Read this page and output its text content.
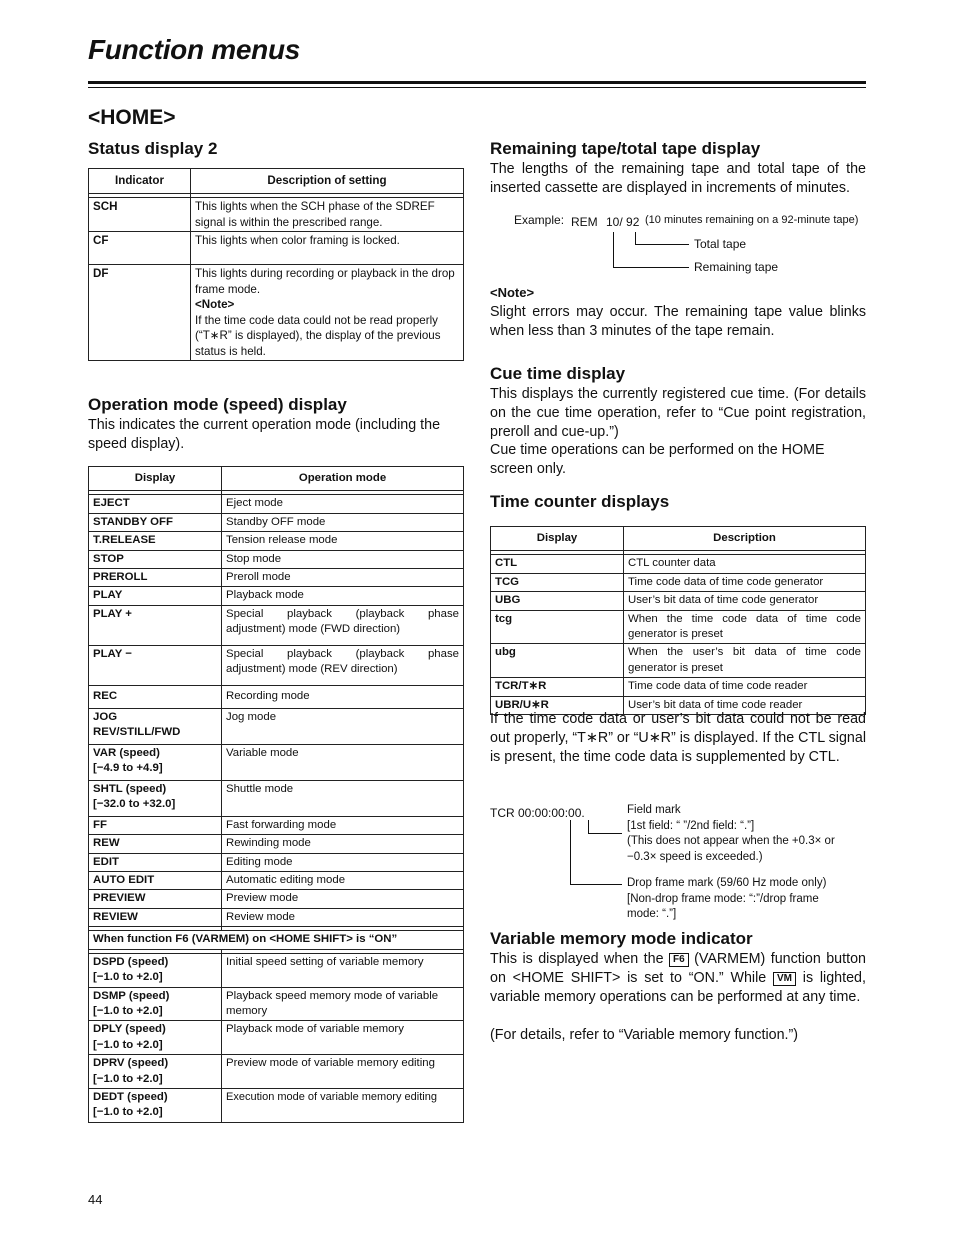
Function menus
<HOME>
Status display 2
Indicator	Description of setting

SCH	This lights when the SCH phase of the SDREF signal is within the prescribed range.
CF	This lights when color framing is locked.
DF	This lights during recording or playback in the drop frame mode.
<Note>
If the time code data could not be read properly (“T∗R” is displayed), the display of the previous status is held.
Operation mode (speed) display
This indicates the current operation mode (including the speed display).
Display	Operation mode

EJECT	Eject mode
STANDBY OFF	Standby OFF mode
T.RELEASE	Tension release mode
STOP	Stop mode
PREROLL	Preroll mode
PLAY	Playback mode
PLAY +	Special playback (playback phase adjustment) mode (FWD direction)
PLAY −	Special playback (playback phase adjustment) mode (REV direction)
REC	Recording mode

JOG
REV/STILL/FWD	Jog mode

VAR (speed)
[−4.9 to +4.9]	Variable mode

SHTL (speed)
[−32.0 to +32.0]	Shuttle mode
FF	Fast forwarding mode
REW	Rewinding mode
EDIT	Editing mode
AUTO EDIT	Automatic editing mode
PREVIEW	Preview mode
REVIEW	Review mode

When function F6 (VARMEM) on <HOME SHIFT> is “ON”	

DSPD (speed)
[−1.0 to +2.0]	Initial speed setting of variable memory

DSMP (speed)
[−1.0 to +2.0]	Playback speed memory mode of variable memory

DPLY (speed)
[−1.0 to +2.0]	Playback mode of variable memory

DPRV (speed)
[−1.0 to +2.0]	Preview mode of variable memory editing

DEDT (speed)
[−1.0 to +2.0]	Execution mode of variable memory editing
44
Remaining tape/total tape display
The lengths of the remaining tape and total tape of the inserted cassette are displayed in increments of minutes.
Example: REM 10/ 92 (10 minutes remaining on a 92-minute tape)
Total tape
Remaining tape
<Note>
Slight errors may occur. The remaining tape value blinks when less than 3 minutes of the tape remain.
Cue time display
This displays the currently registered cue time. (For details on the cue time operation, refer to “Cue point registration, preroll and cue-up.”)
Cue time operations can be performed on the HOME screen only.
Time counter displays
Display	Description

CTL	CTL counter data
TCG	Time code data of time code generator
UBG	User’s bit data of time code generator
tcg	When the time code data of time code generator is preset
ubg	When the user’s bit data of time code generator is preset
TCR/T∗R	Time code data of time code reader
UBR/U∗R	User’s bit data of time code reader
If the time code data or user’s bit data could not be read out properly, “T∗R” or “U∗R” is displayed. If the CTL signal is present, the time code data is supplemented by CTL.
TCR 00:00:00:00.	Field mark
[1st field: “ ”/2nd field: “.”]
(This does not appear when the +0.3× or
−0.3× speed is exceeded.)
Drop frame mark (59/60 Hz mode only)
[Non-drop frame mode: “:”/drop frame
mode: “.”]
Variable memory mode indicator
This is displayed when the F6 (VARMEM) function button on <HOME SHIFT> is set to “ON.” While VM is lighted, variable memory operations can be performed at any time.
(For details, refer to “Variable memory function.”)
